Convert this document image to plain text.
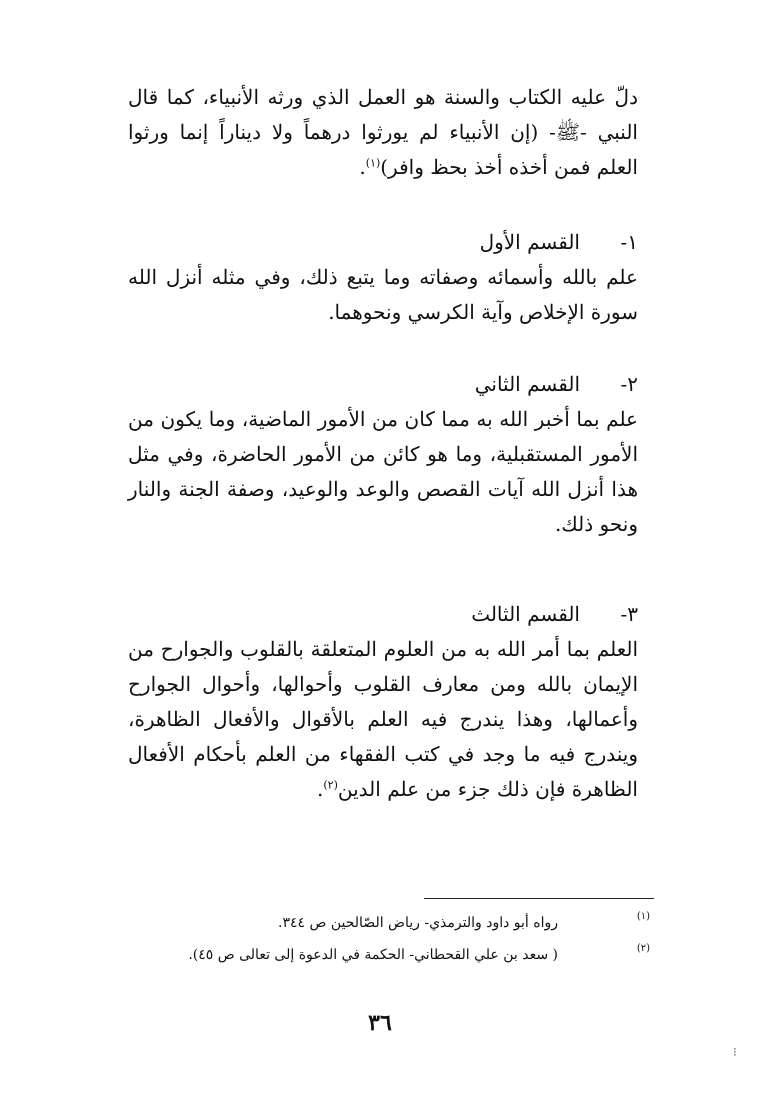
دلّ عليه الكتاب والسنة هو العمل الذي ورثه الأنبياء، كما قال النبي -ﷺ- (إن الأنبياء لم يورثوا درهماً ولا ديناراً إنما ورثوا العلم فمن أخذه أخذ بحظ وافر)$^{(١)}$.
١-القسم الأول
علم بالله وأسمائه وصفاته وما يتبع ذلك، وفي مثله أنزل الله سورة الإخلاص وآية الكرسي ونحوهما.
٢-القسم الثاني
علم بما أخبر الله به مما كان من الأمور الماضية، وما يكون من الأمور المستقبلية، وما هو كائن من الأمور الحاضرة، وفي مثل هذا أنزل الله آيات القصص والوعد والوعيد، وصفة الجنة والنار ونحو ذلك.
٣-القسم الثالث
العلم بما أمر الله به من العلوم المتعلقة بالقلوب والجوارح من الإيمان بالله ومن معارف القلوب وأحوالها، وأحوال الجوارح وأعمالها، وهذا يندرج فيه العلم بالأقوال والأفعال الظاهرة، ويندرج فيه ما وجد في كتب الفقهاء من العلم بأحكام الأفعال الظاهرة فإن ذلك جزء من علم الدين$^{(٢)}$.
(١)
رواه أبو داود والترمذي- رياض الصّالحين ص ٣٤٤.
(٢)
( سعد بن علي القحطاني- الحكمة في الدعوة إلى تعالى ص ٤٥).
٣٦
⁝
